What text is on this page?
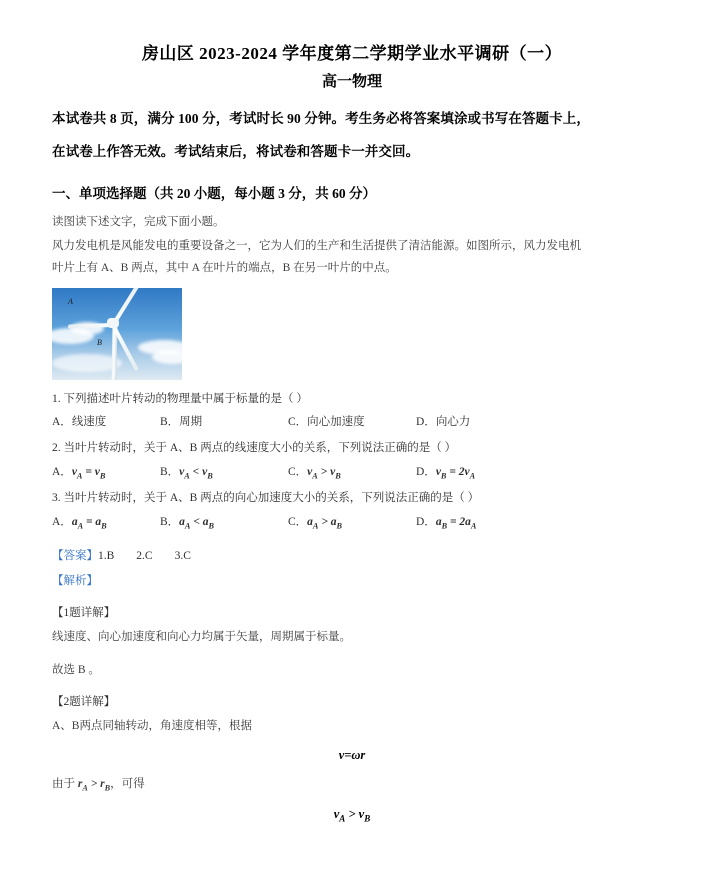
房山区 2023-2024 学年度第二学期学业水平调研（一）
高一物理
本试卷共 8 页，满分 100 分，考试时长 90 分钟。考生务必将答案填涂或书写在答题卡上，
在试卷上作答无效。考试结束后，将试卷和答题卡一并交回。
一、单项选择题（共 20 小题，每小题 3 分，共 60 分）
读图读下述文字，完成下面小题。
风力发电机是风能发电的重要设备之一，它为人们的生产和生活提供了清洁能源。如图所示，风力发电机
叶片上有 A、B 两点，其中 A 在叶片的端点，B 在另一叶片的中点。
A
B
1. 下列描述叶片转动的物理量中属于标量的是（ ）
A．线速度	B．周期	C．向心加速度	D．向心力
2. 当叶片转动时，关于 A、B 两点的线速度大小的关系，下列说法正确的是（ ）
A．$v_A = v_B$	B．$v_A < v_B$	C．$v_A > v_B$	D．$v_B = 2v_A$
3. 当叶片转动时，关于 A、B 两点的向心加速度大小的关系，下列说法正确的是（ ）
A．$a_A = a_B$	B．$a_A < a_B$	C．$a_A > a_B$	D．$a_B = 2a_A$
【答案】1.B 2.C 3.C
【解析】
【1题详解】
线速度、向心加速度和向心力均属于矢量，周期属于标量。
故选 B 。
【2题详解】
A、B两点同轴转动，角速度相等，根据
v=ωr
由于 $r_A > r_B$，可得
$v_A > v_B$
